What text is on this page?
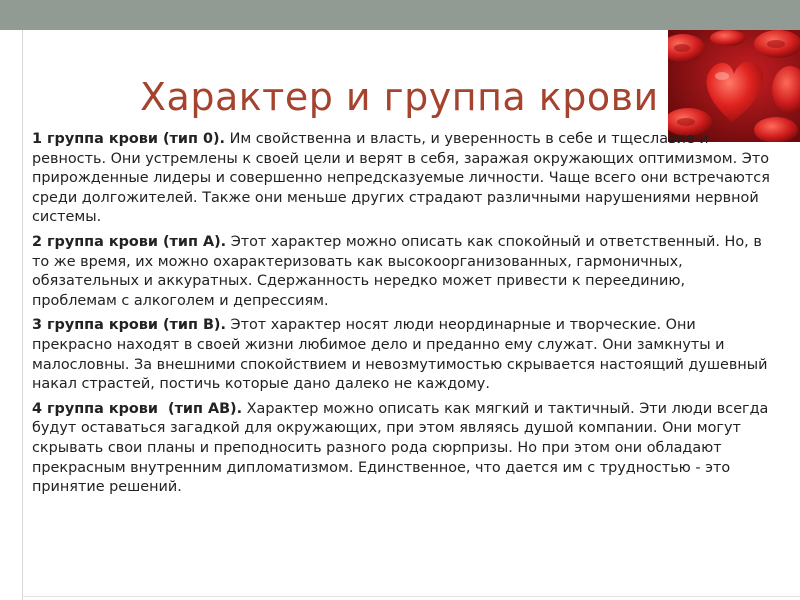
Характер и группа крови

1 группа крови (тип 0). Им свойственна и власть, и уверенность в себе и тщеславие и ревность. Они устремлены к своей цели и верят в себя, заражая окружающих оптимизмом. Это прирожденные лидеры и совершенно непредсказуемые личности. Чаще всего они встречаются среди долгожителей. Также они меньше других страдают различными нарушениями нервной системы.

2 группа крови (тип A). Этот характер можно описать как спокойный и ответственный. Но, в то же время, их можно охарактеризовать как высокоорганизованных, гармоничных, обязательных и аккуратных. Сдержанность нередко может привести к переединию, проблемам с алкоголем и депрессиям.

3 группа крови (тип B). Этот характер носят люди неординарные и творческие. Они прекрасно находят в своей жизни любимое дело и преданно ему служат. Они замкнуты и малословны. За внешними спокойствием и невозмутимостью скрывается настоящий душевный накал страстей, постичь которые дано далеко не каждому.

4 группа крови  (тип AB). Характер можно описать как мягкий и тактичный. Эти люди всегда будут оставаться загадкой для окружающих, при этом являясь душой компании. Они могут скрывать свои планы и преподносить разного рода сюрпризы. Но при этом они обладают прекрасным внутренним дипломатизмом. Единственное, что дается им с трудностью - это принятие решений.
